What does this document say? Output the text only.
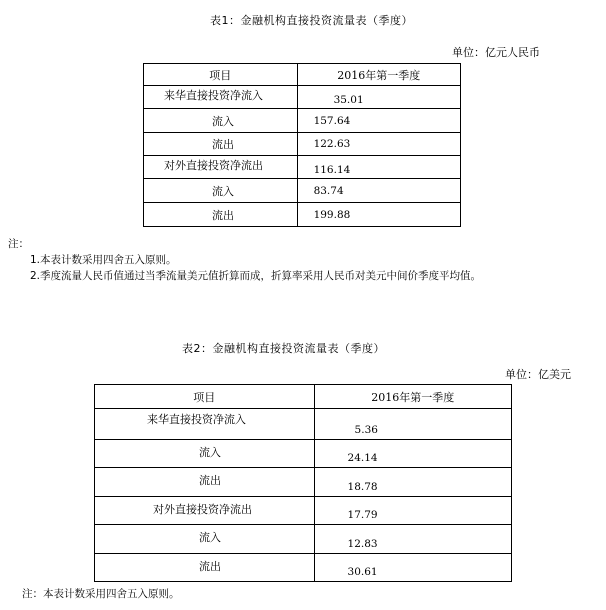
表1：金融机构直接投资流量表（季度）
单位：亿元人民币
项目	2016年第一季度

来华直接投资净流入	35.01

流入	157.64

流出	122.63

对外直接投资净流出	116.14

流入	83.74

流出	199.88
注：
1.本表计数采用四舍五入原则。
2.季度流量人民币值通过当季流量美元值折算而成，折算率采用人民币对美元中间价季度平均值。
表2：金融机构直接投资流量表（季度）
单位：亿美元
项目	2016年第一季度

来华直接投资净流入	5.36

流入	24.14

流出	18.78

对外直接投资净流出	17.79

流入	12.83

流出	30.61
注：本表计数采用四舍五入原则。
